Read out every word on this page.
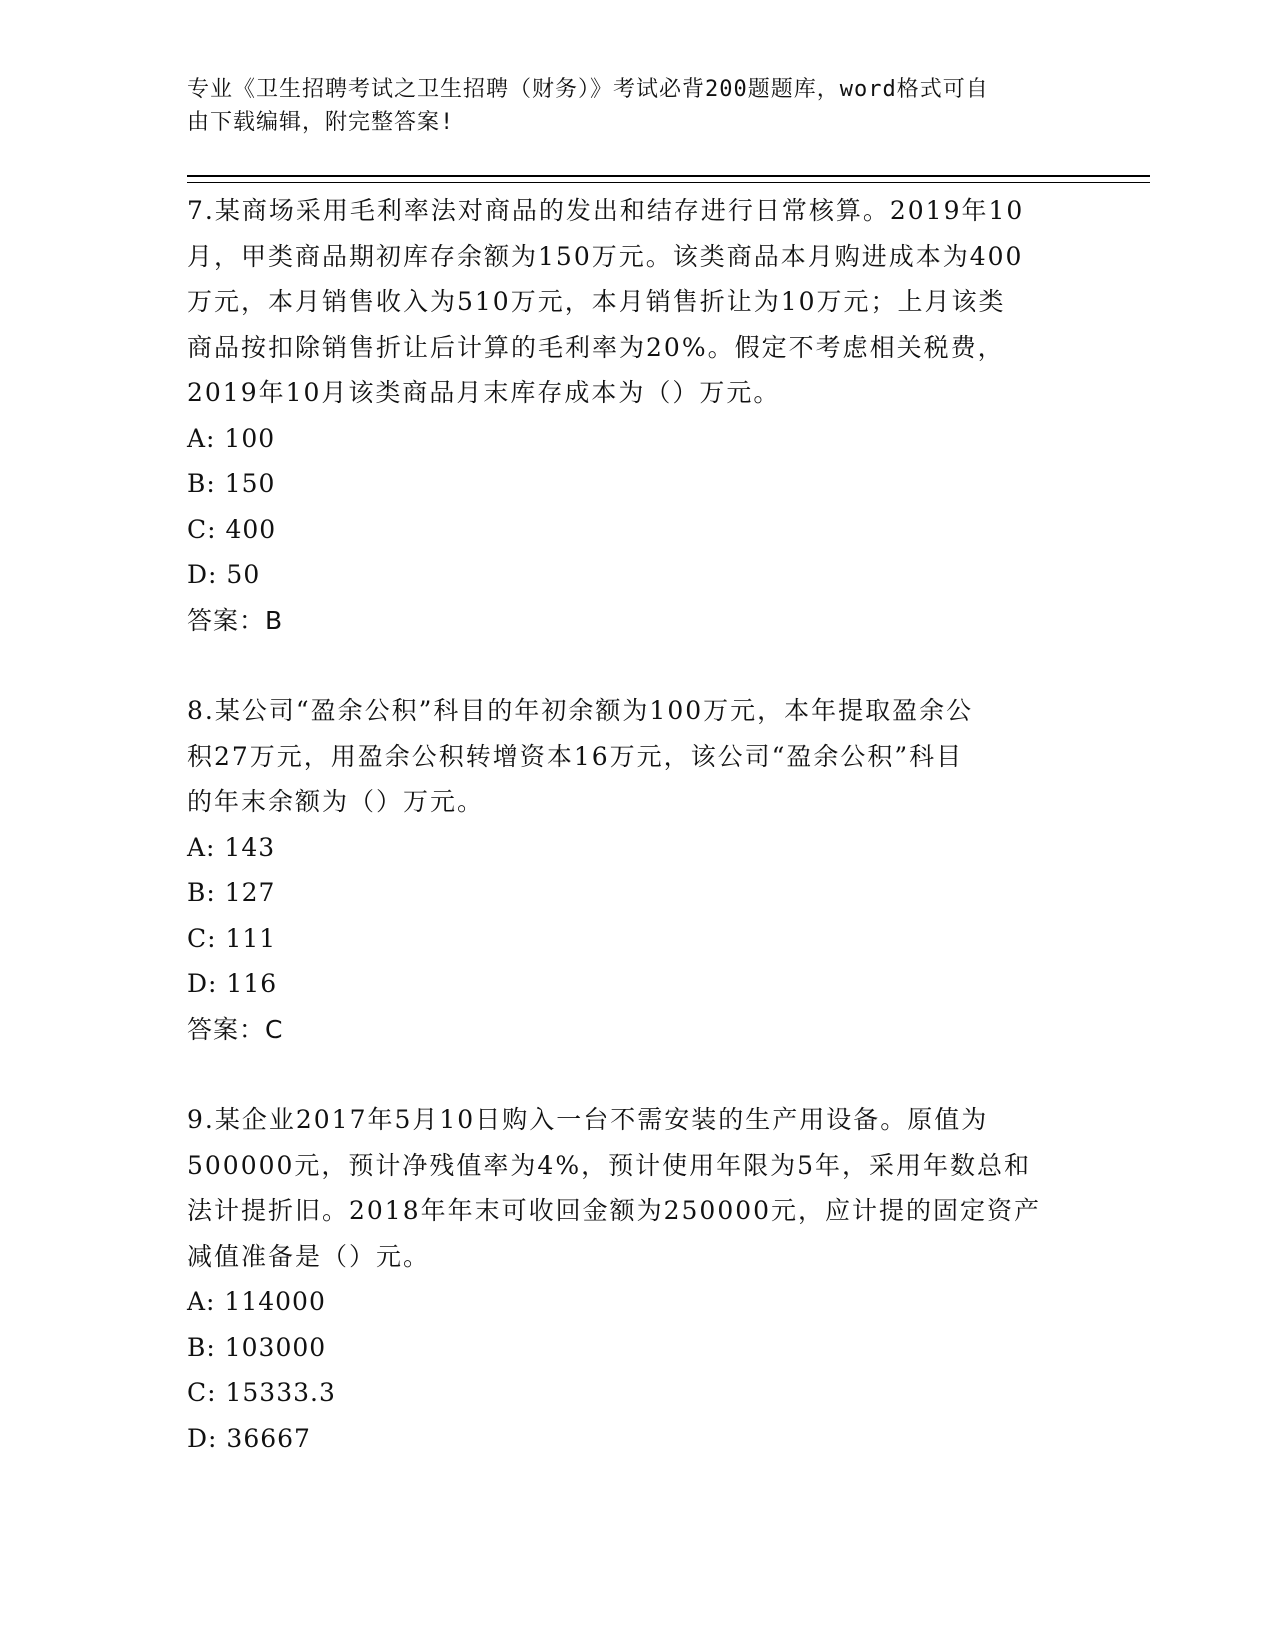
专业《卫生招聘考试之卫生招聘（财务）》考试必背200题题库，word格式可自
由下载编辑，附完整答案!

7.某商场采用毛利率法对商品的发出和结存进行日常核算。2019年10

月，甲类商品期初库存余额为150万元。该类商品本月购进成本为400

万元，本月销售收入为510万元，本月销售折让为10万元；上月该类

商品按扣除销售折让后计算的毛利率为20%。假定不考虑相关税费，

2019年10月该类商品月末库存成本为（）万元。

A: 100

B: 150

C: 400

D: 50

答案：B

8.某公司“盈余公积”科目的年初余额为100万元，本年提取盈余公

积27万元，用盈余公积转增资本16万元，该公司“盈余公积”科目

的年末余额为（）万元。

A: 143

B: 127

C: 111

D: 116

答案：C

9.某企业2017年5月10日购入一台不需安装的生产用设备。原值为

500000元，预计净残值率为4%，预计使用年限为5年，采用年数总和

法计提折旧。2018年年末可收回金额为250000元，应计提的固定资产

减值准备是（）元。

A: 114000

B: 103000

C: 15333.3

D: 36667
